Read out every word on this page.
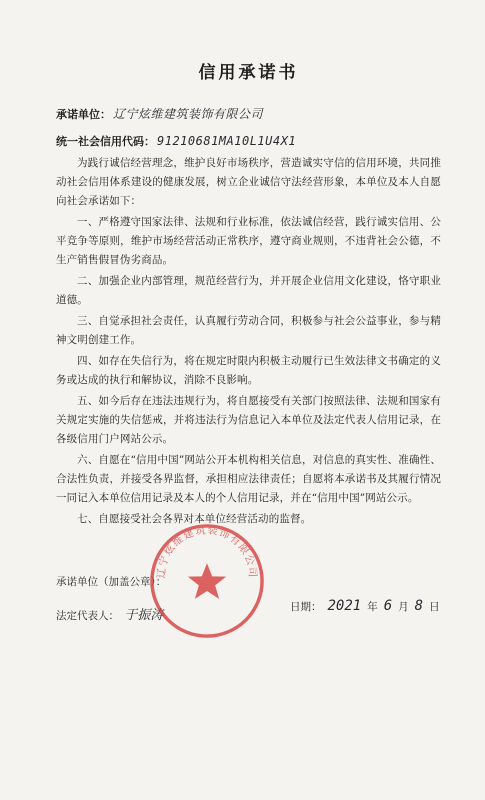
信用承诺书
承诺单位： 辽宁炫维建筑装饰有限公司
统一社会信用代码： 91210681MA10L1U4X1

为践行诚信经营理念，维护良好市场秩序，营造诚实守信的信用环境，共同推动社会信用体系建设的健康发展，树立企业诚信守法经营形象，本单位及本人自愿向社会承诺如下：

一、严格遵守国家法律、法规和行业标准，依法诚信经营，践行诚实信用、公平竞争等原则，维护市场经营活动正常秩序，遵守商业规则，不违背社会公德，不生产销售假冒伪劣商品。

二、加强企业内部管理，规范经营行为，并开展企业信用文化建设，恪守职业道德。

三、自觉承担社会责任，认真履行劳动合同，积极参与社会公益事业，参与精神文明创建工作。

四、如存在失信行为，将在规定时限内积极主动履行已生效法律文书确定的义务或达成的执行和解协议，消除不良影响。

五、如今后存在违法违规行为，将自愿接受有关部门按照法律、法规和国家有关规定实施的失信惩戒，并将违法行为信息记入本单位及法定代表人信用记录，在各级信用门户网站公示。

六、自愿在“信用中国”网站公开本机构相关信息，对信息的真实性、准确性、合法性负责，并接受各界监督，承担相应法律责任；自愿将本承诺书及其履行情况一同记入本单位信用记录及本人的个人信用记录，并在“信用中国”网站公示。

七、自愿接受社会各界对本单位经营活动的监督。

承诺单位（加盖公章）：
法定代表人： 于振涛
日期： 2021 年 6 月 8 日
辽宁炫维建筑装饰有限公司
